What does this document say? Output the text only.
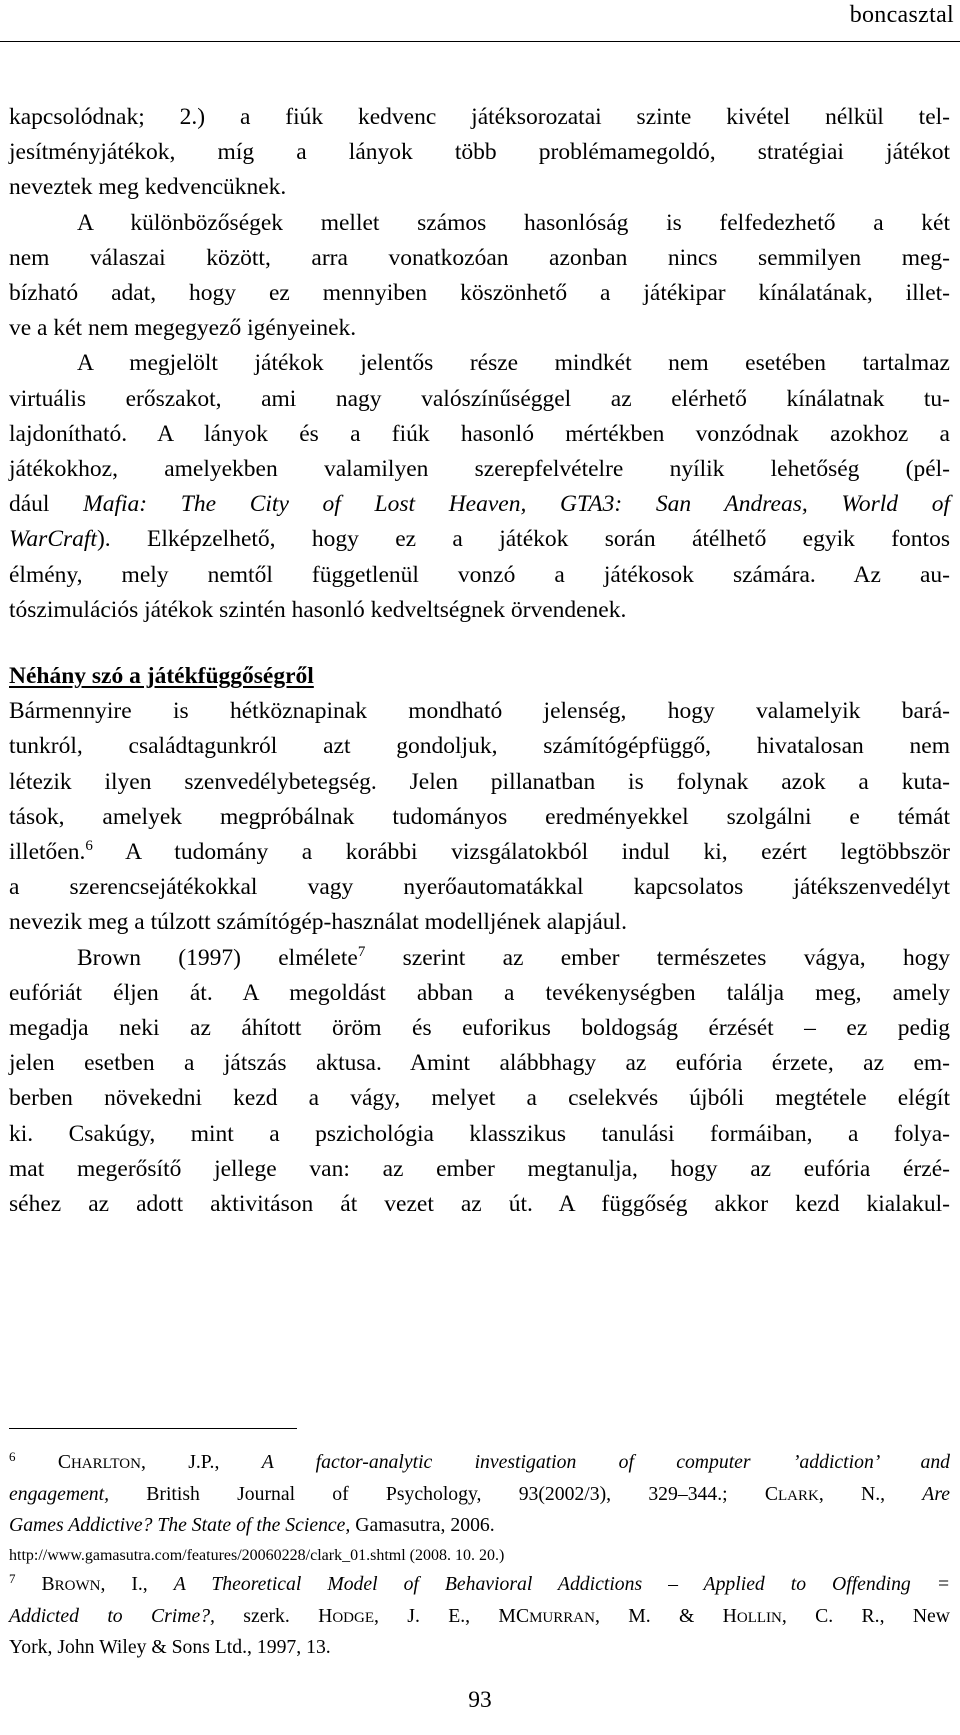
boncasztal
kapcsolódnak; 2.) a fiúk kedvenc játéksorozatai szinte kivétel nélkül tel-
jesítményjátékok, míg a lányok több problémamegoldó, stratégiai játékot
neveztek meg kedvencüknek.
A különbözőségek mellet számos hasonlóság is felfedezhető a két
nem válaszai között, arra vonatkozóan azonban nincs semmilyen meg-
bízható adat, hogy ez mennyiben köszönhető a játékipar kínálatának, illet-
ve a két nem megegyező igényeinek.
A megjelölt játékok jelentős része mindkét nem esetében tartalmaz
virtuális erőszakot, ami nagy valószínűséggel az elérhető kínálatnak tu-
lajdonítható. A lányok és a fiúk hasonló mértékben vonzódnak azokhoz a
játékokhoz, amelyekben valamilyen szerepfelvételre nyílik lehetőség (pél-
dául Mafia: The City of Lost Heaven, GTA3: San Andreas, World of
WarCraft). Elképzelhető, hogy ez a játékok során átélhető egyik fontos
élmény, mely nemtől függetlenül vonzó a játékosok számára. Az au-
tószimulációs játékok szintén hasonló kedveltségnek örvendenek.
Néhány szó a játékfüggőségről
Bármennyire is hétköznapinak mondható jelenség, hogy valamelyik bará-
tunkról, családtagunkról azt gondoljuk, számítógépfüggő, hivatalosan nem
létezik ilyen szenvedélybetegség. Jelen pillanatban is folynak azok a kuta-
tások, amelyek megpróbálnak tudományos eredményekkel szolgálni e témát
illetően.$^6$ A tudomány a korábbi vizsgálatokból indul ki, ezért legtöbbször
a szerencsejátékokkal vagy nyerőautomatákkal kapcsolatos játékszenvedélyt
nevezik meg a túlzott számítógép-használat modelljének alapjául.
Brown (1997) elmélete$^7$ szerint az ember természetes vágya, hogy
eufóriát éljen át. A megoldást abban a tevékenységben találja meg, amely
megadja neki az áhított öröm és euforikus boldogság érzését – ez pedig
jelen esetben a játszás aktusa. Amint alábbhagy az eufória érzete, az em-
berben növekedni kezd a vágy, melyet a cselekvés újbóli megtétele elégít
ki. Csakúgy, mint a pszichológia klasszikus tanulási formáiban, a folya-
mat megerősítő jellege van: az ember megtanulja, hogy az eufória érzé-
séhez az adott aktivitáson át vezet az út. A függőség akkor kezd kialakul-
$^6$ CHARLTON, J.P., A factor-analytic investigation of computer ’addiction’ and
engagement, British Journal of Psychology, 93(2002/3), 329–344.; CLARK, N., Are
Games Addictive? The State of the Science, Gamasutra, 2006.
http://www.gamasutra.com/features/20060228/clark_01.shtml (2008. 10. 20.)
$^7$ BROWN, I., A Theoretical Model of Behavioral Addictions – Applied to Offending =
Addicted to Crime?, szerk. HODGE, J. E., MCMURRAN, M. & HOLLIN, C. R., New
York, John Wiley & Sons Ltd., 1997, 13.
93
